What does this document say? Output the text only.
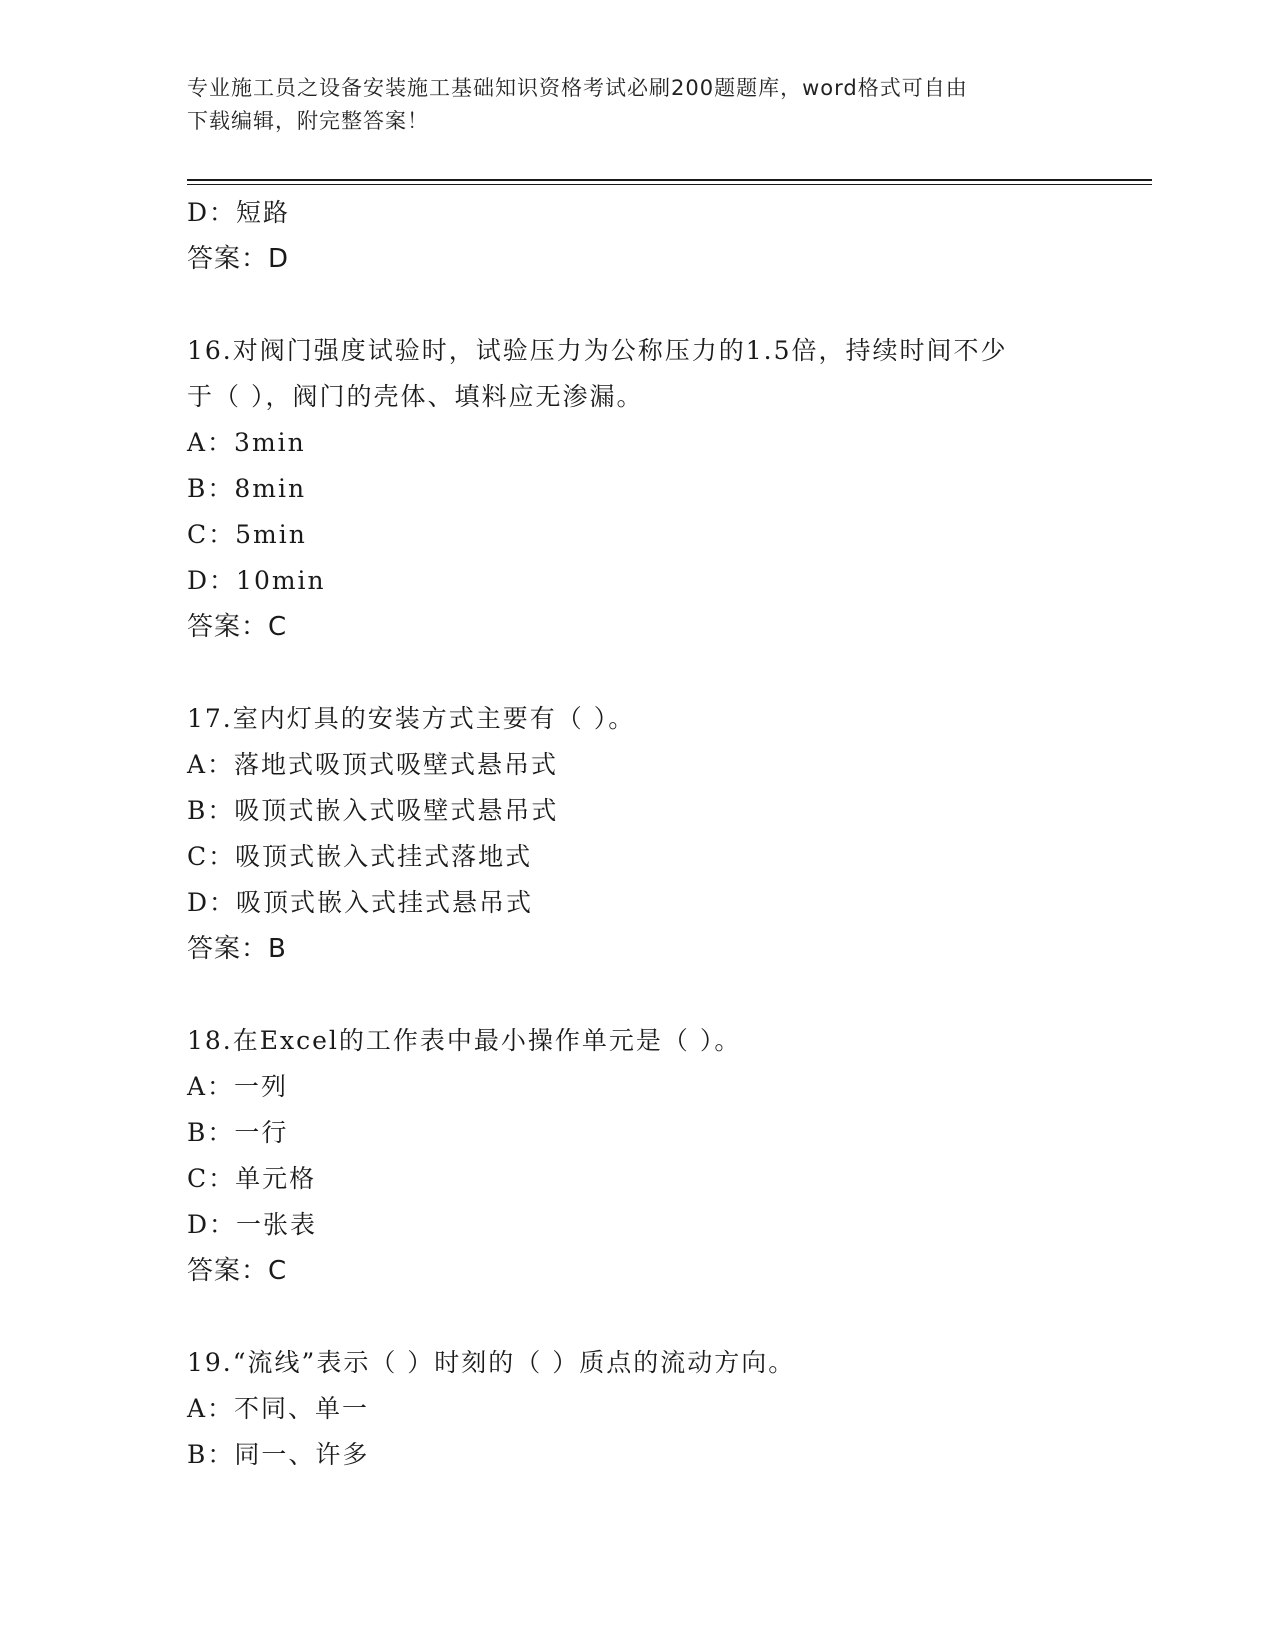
专业施工员之设备安装施工基础知识资格考试必刷200题题库，word格式可自由
下载编辑，附完整答案！
D：短路
答案：D
16.对阀门强度试验时，试验压力为公称压力的1.5倍，持续时间不少
于（ ），阀门的壳体、填料应无渗漏。
A：3min
B：8min
C：5min
D：10min
答案：C
17.室内灯具的安装方式主要有（ ）。
A：落地式吸顶式吸壁式悬吊式
B：吸顶式嵌入式吸壁式悬吊式
C：吸顶式嵌入式挂式落地式
D：吸顶式嵌入式挂式悬吊式
答案：B
18.在Excel的工作表中最小操作单元是（ ）。
A：一列
B：一行
C：单元格
D：一张表
答案：C
19.“流线”表示（ ）时刻的（ ）质点的流动方向。
A：不同、单一
B：同一、许多
